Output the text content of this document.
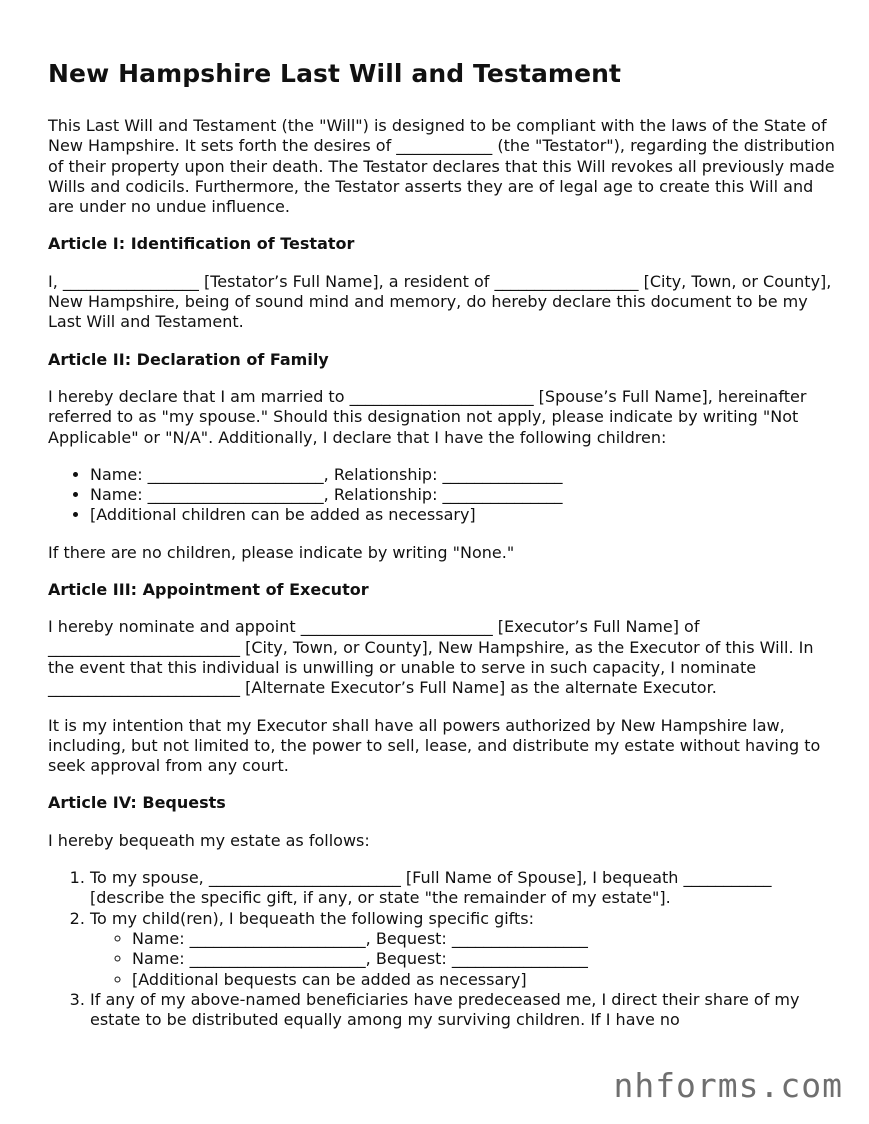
New Hampshire Last Will and Testament

This Last Will and Testament (the "Will") is designed to be compliant with the laws of the State of New Hampshire. It sets forth the desires of ____________ (the "Testator"), regarding the distribution of their property upon their death. The Testator declares that this Will revokes all previously made Wills and codicils. Furthermore, the Testator asserts they are of legal age to create this Will and are under no undue influence.

Article I: Identification of Testator

I, _________________ [Testator’s Full Name], a resident of __________________ [City, Town, or County], New Hampshire, being of sound mind and memory, do hereby declare this document to be my Last Will and Testament.

Article II: Declaration of Family

I hereby declare that I am married to _______________________ [Spouse’s Full Name], hereinafter referred to as "my spouse." Should this designation not apply, please indicate by writing "Not Applicable" or "N/A". Additionally, I declare that I have the following children:

• Name: ______________________, Relationship: _______________
• Name: ______________________, Relationship: _______________
• [Additional children can be added as necessary]

If there are no children, please indicate by writing "None."

Article III: Appointment of Executor

I hereby nominate and appoint ________________________ [Executor’s Full Name] of ________________________ [City, Town, or County], New Hampshire, as the Executor of this Will. In the event that this individual is unwilling or unable to serve in such capacity, I nominate ________________________ [Alternate Executor’s Full Name] as the alternate Executor.

It is my intention that my Executor shall have all powers authorized by New Hampshire law, including, but not limited to, the power to sell, lease, and distribute my estate without having to seek approval from any court.

Article IV: Bequests

I hereby bequeath my estate as follows:

1. To my spouse, ________________________ [Full Name of Spouse], I bequeath ___________ [describe the specific gift, if any, or state "the remainder of my estate"].
2. To my child(ren), I bequeath the following specific gifts:
◦ Name: ______________________, Bequest: _________________
◦ Name: ______________________, Bequest: _________________
◦ [Additional bequests can be added as necessary]
3. If any of my above-named beneficiaries have predeceased me, I direct their share of my estate to be distributed equally among my surviving children. If I have no
nhforms.com
